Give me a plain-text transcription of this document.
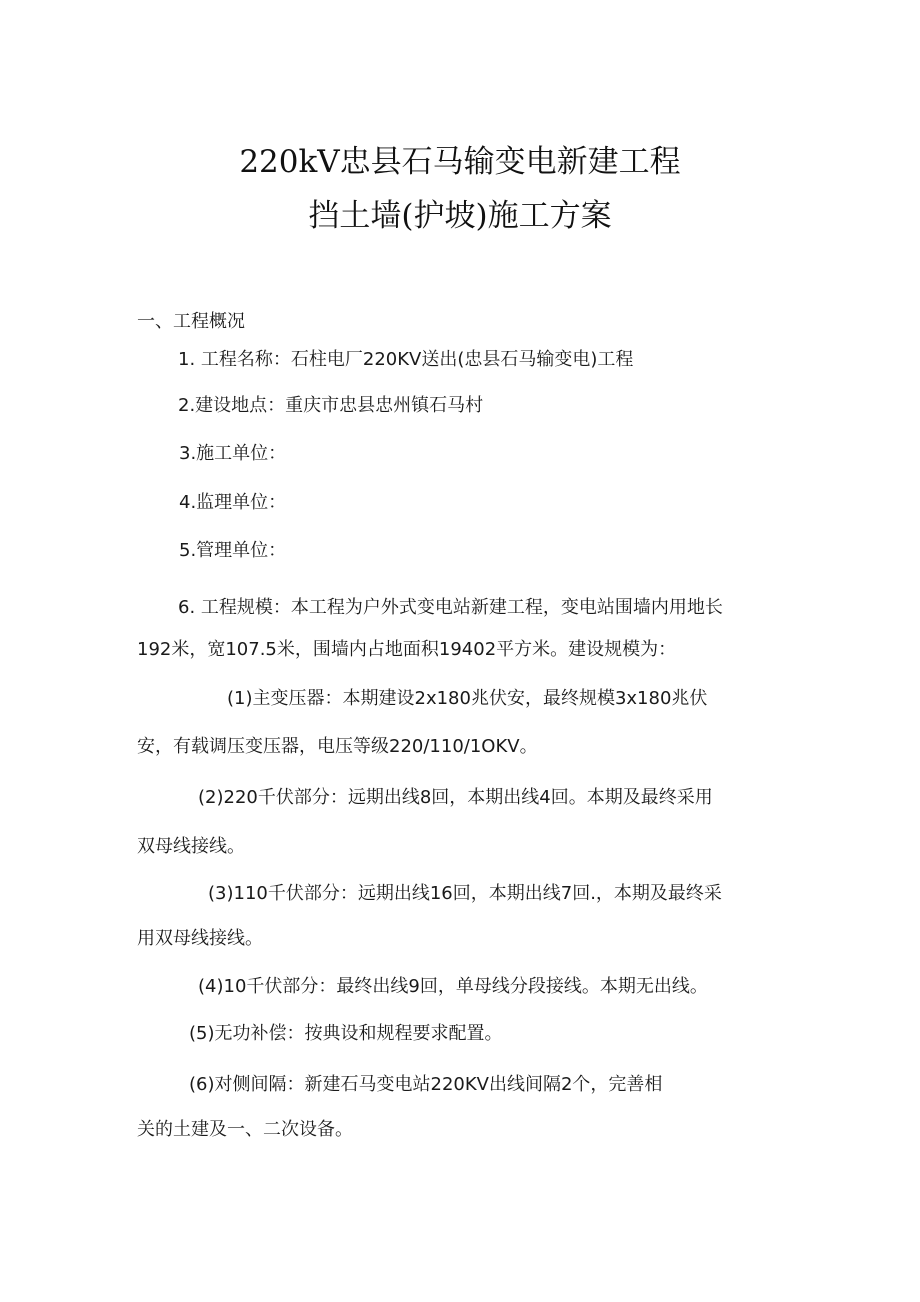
220kV忠县石马输变电新建工程
挡土墙(护坡)施工方案
一、工程概况
1. 工程名称：石柱电厂220KV送出(忠县石马输变电)工程
2.建设地点：重庆市忠县忠州镇石马村
3.施工单位：
4.监理单位：
5.管理单位：
6. 工程规模：本工程为户外式变电站新建工程，变电站围墙内用地长
192米，宽107.5米，围墙内占地面积19402平方米。建设规模为：
(1)主变压器：本期建设2x180兆伏安，最终规模3x180兆伏
安，有载调压变压器，电压等级220/110/1OKV。
(2)220千伏部分：远期出线8回，本期出线4回。本期及最终采用
双母线接线。
(3)110千伏部分：远期出线16回，本期出线7回.，本期及最终采
用双母线接线。
(4)10千伏部分：最终出线9回，单母线分段接线。本期无出线。
(5)无功补偿：按典设和规程要求配置。
(6)对侧间隔：新建石马变电站220KV出线间隔2个，完善相
关的土建及一、二次设备。
